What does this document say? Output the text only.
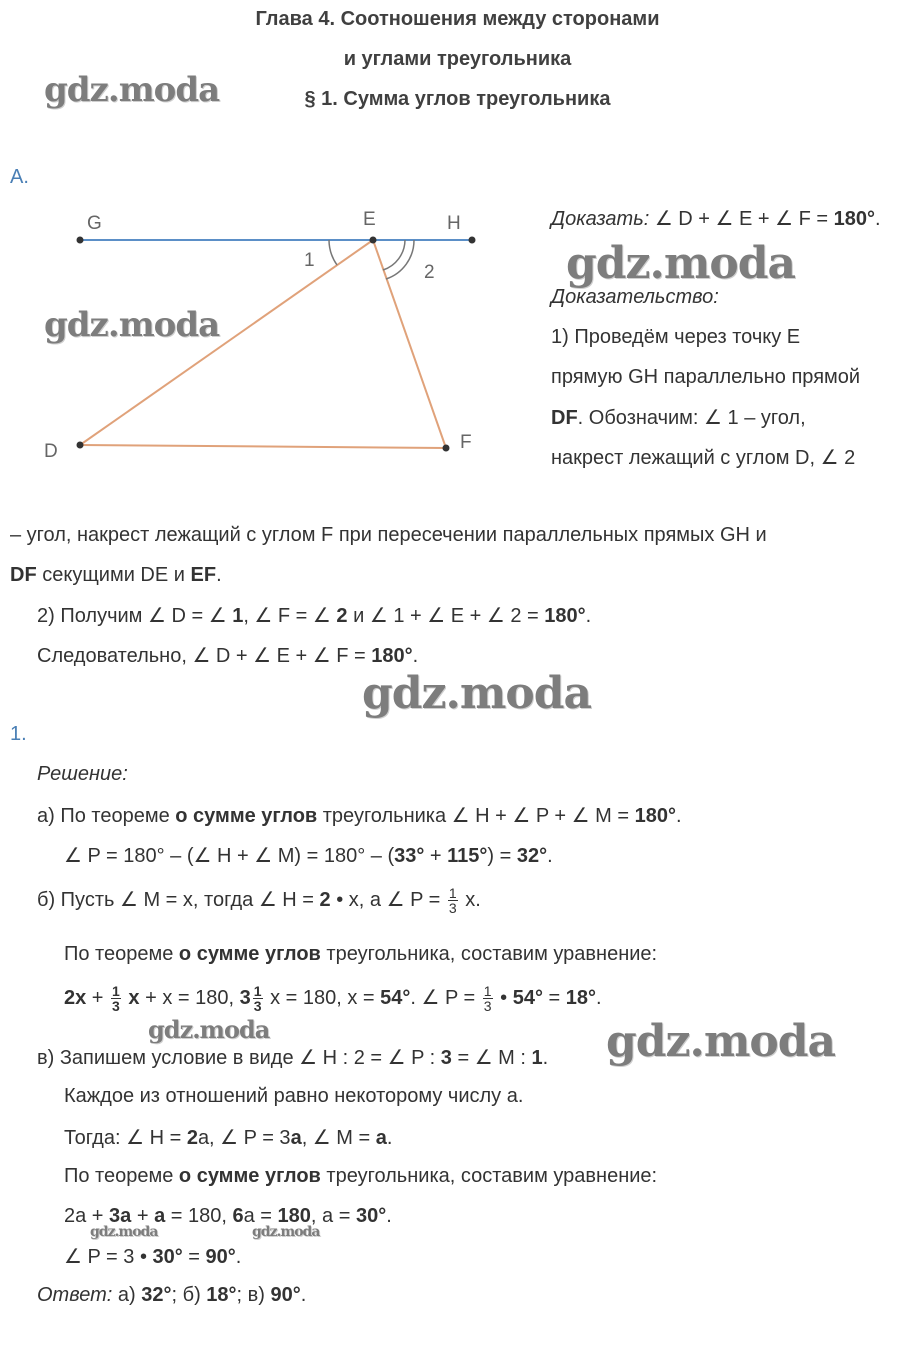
Глава 4. Соотношения между сторонами
и углами треугольника
§ 1. Сумма углов треугольника
gdz.moda
gdz.moda
gdz.moda
gdz.moda
gdz.moda	gdz.moda
gdz.moda	gdz.moda
А.
G	E	H
D	F
1
2
Доказать: ∠ D + ∠ E + ∠ F = 180°.
Доказательство:
1) Проведём через точку E
прямую GH параллельно прямой
DF. Обозначим: ∠ 1 – угол,
накрест лежащий с углом D, ∠ 2
– угол, накрест лежащий с углом F при пересечении параллельных прямых GH и
DF секущими DE и EF.
2) Получим ∠ D = ∠ 1, ∠ F = ∠ 2 и ∠ 1 + ∠ E + ∠ 2 = 180°.
Следовательно, ∠ D + ∠ E + ∠ F = 180°.
1.
Решение:
а) По теореме о сумме углов треугольника ∠ H + ∠ P + ∠ M = 180°.
∠ P = 180° – (∠ H + ∠ M) = 180° – (33° + 115°) = 32°.
б) Пусть ∠ M = x, тогда ∠ H = 2 • x, а ∠ $P = \frac{1}{3} x$.
По теореме о сумме углов треугольника, составим уравнение:
$2x + \frac{1}{3}$ x + x = 180, $3 \frac{1}{3}$ x = 180, x = 54°. ∠ $P = \frac{1}{3}$ • 54° = 18°.
в) Запишем условие в виде ∠ H : 2 = ∠ P : 3 = ∠ M : 1.
Каждое из отношений равно некоторому числу a.
Тогда: ∠ H = 2a, ∠ P = 3a, ∠ M = a.
По теореме о сумме углов треугольника, составим уравнение:
2a + 3a + a = 180, 6a = 180, a = 30°.
∠ P = 3 • 30° = 90°.
Ответ: а) 32°; б) 18°; в) 90°.
